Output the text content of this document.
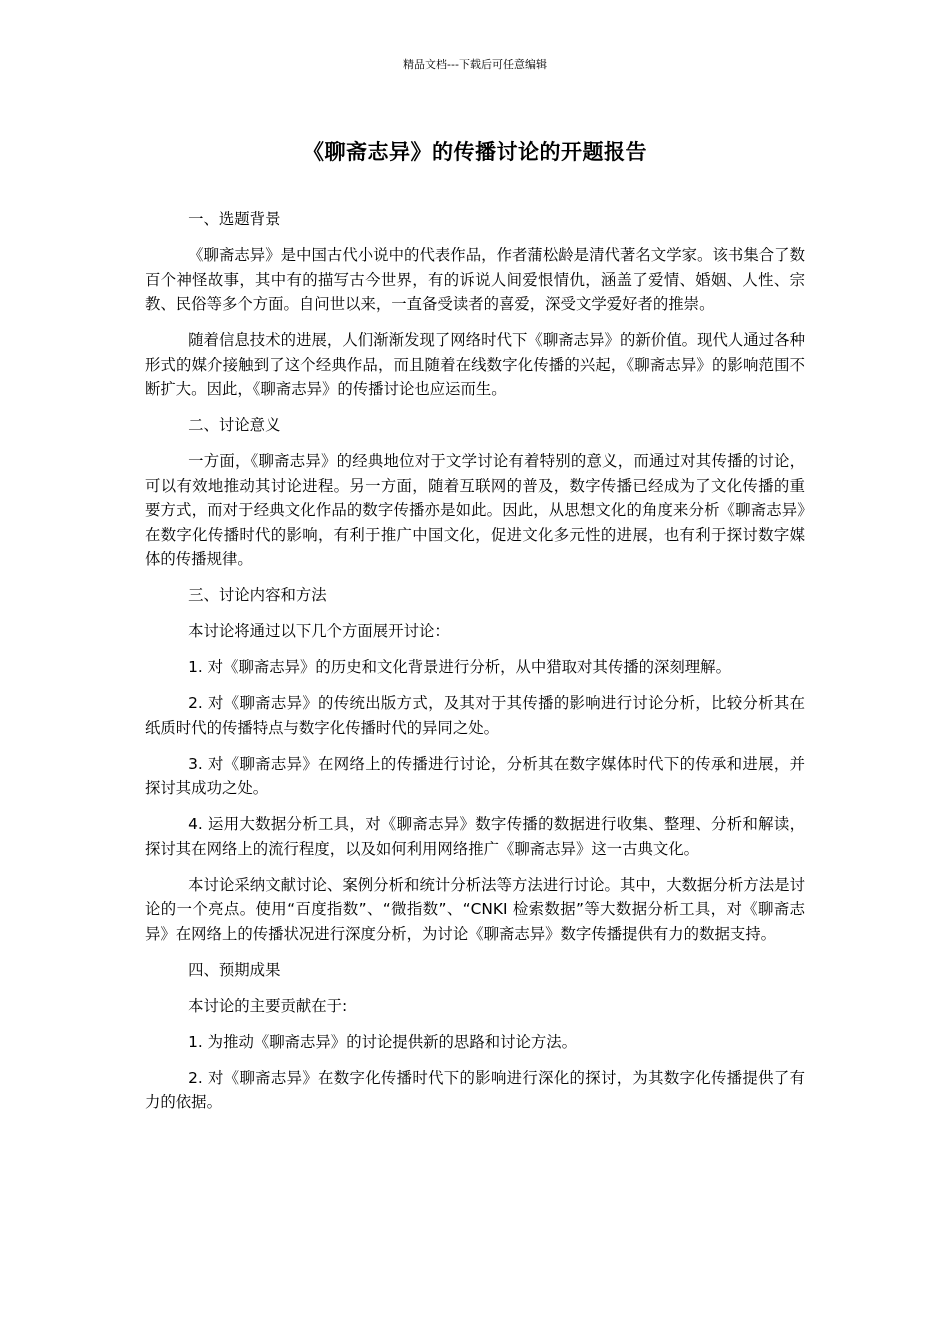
精品文档---下载后可任意编辑
《聊斋志异》的传播讨论的开题报告

一、选题背景

《聊斋志异》是中国古代小说中的代表作品，作者蒲松龄是清代著名文学家。该书集合了数百个神怪故事，其中有的描写古今世界，有的诉说人间爱恨情仇，涵盖了爱情、婚姻、人性、宗教、民俗等多个方面。自问世以来，一直备受读者的喜爱，深受文学爱好者的推崇。

随着信息技术的进展，人们渐渐发现了网络时代下《聊斋志异》的新价值。现代人通过各种形式的媒介接触到了这个经典作品，而且随着在线数字化传播的兴起，《聊斋志异》的影响范围不断扩大。因此，《聊斋志异》的传播讨论也应运而生。

二、讨论意义

一方面，《聊斋志异》的经典地位对于文学讨论有着特别的意义，而通过对其传播的讨论，可以有效地推动其讨论进程。另一方面，随着互联网的普及，数字传播已经成为了文化传播的重要方式，而对于经典文化作品的数字传播亦是如此。因此，从思想文化的角度来分析《聊斋志异》在数字化传播时代的影响，有利于推广中国文化，促进文化多元性的进展，也有利于探讨数字媒体的传播规律。

三、讨论内容和方法

本讨论将通过以下几个方面展开讨论：

1. 对《聊斋志异》的历史和文化背景进行分析，从中猎取对其传播的深刻理解。

2. 对《聊斋志异》的传统出版方式，及其对于其传播的影响进行讨论分析，比较分析其在纸质时代的传播特点与数字化传播时代的异同之处。

3. 对《聊斋志异》在网络上的传播进行讨论，分析其在数字媒体时代下的传承和进展，并探讨其成功之处。

4. 运用大数据分析工具，对《聊斋志异》数字传播的数据进行收集、整理、分析和解读，探讨其在网络上的流行程度，以及如何利用网络推广《聊斋志异》这一古典文化。

本讨论采纳文献讨论、案例分析和统计分析法等方法进行讨论。其中，大数据分析方法是讨论的一个亮点。使用“百度指数”、“微指数”、“CNKI 检索数据”等大数据分析工具，对《聊斋志异》在网络上的传播状况进行深度分析，为讨论《聊斋志异》数字传播提供有力的数据支持。

四、预期成果

本讨论的主要贡献在于:

1. 为推动《聊斋志异》的讨论提供新的思路和讨论方法。

2. 对《聊斋志异》在数字化传播时代下的影响进行深化的探讨，为其数字化传播提供了有力的依据。
